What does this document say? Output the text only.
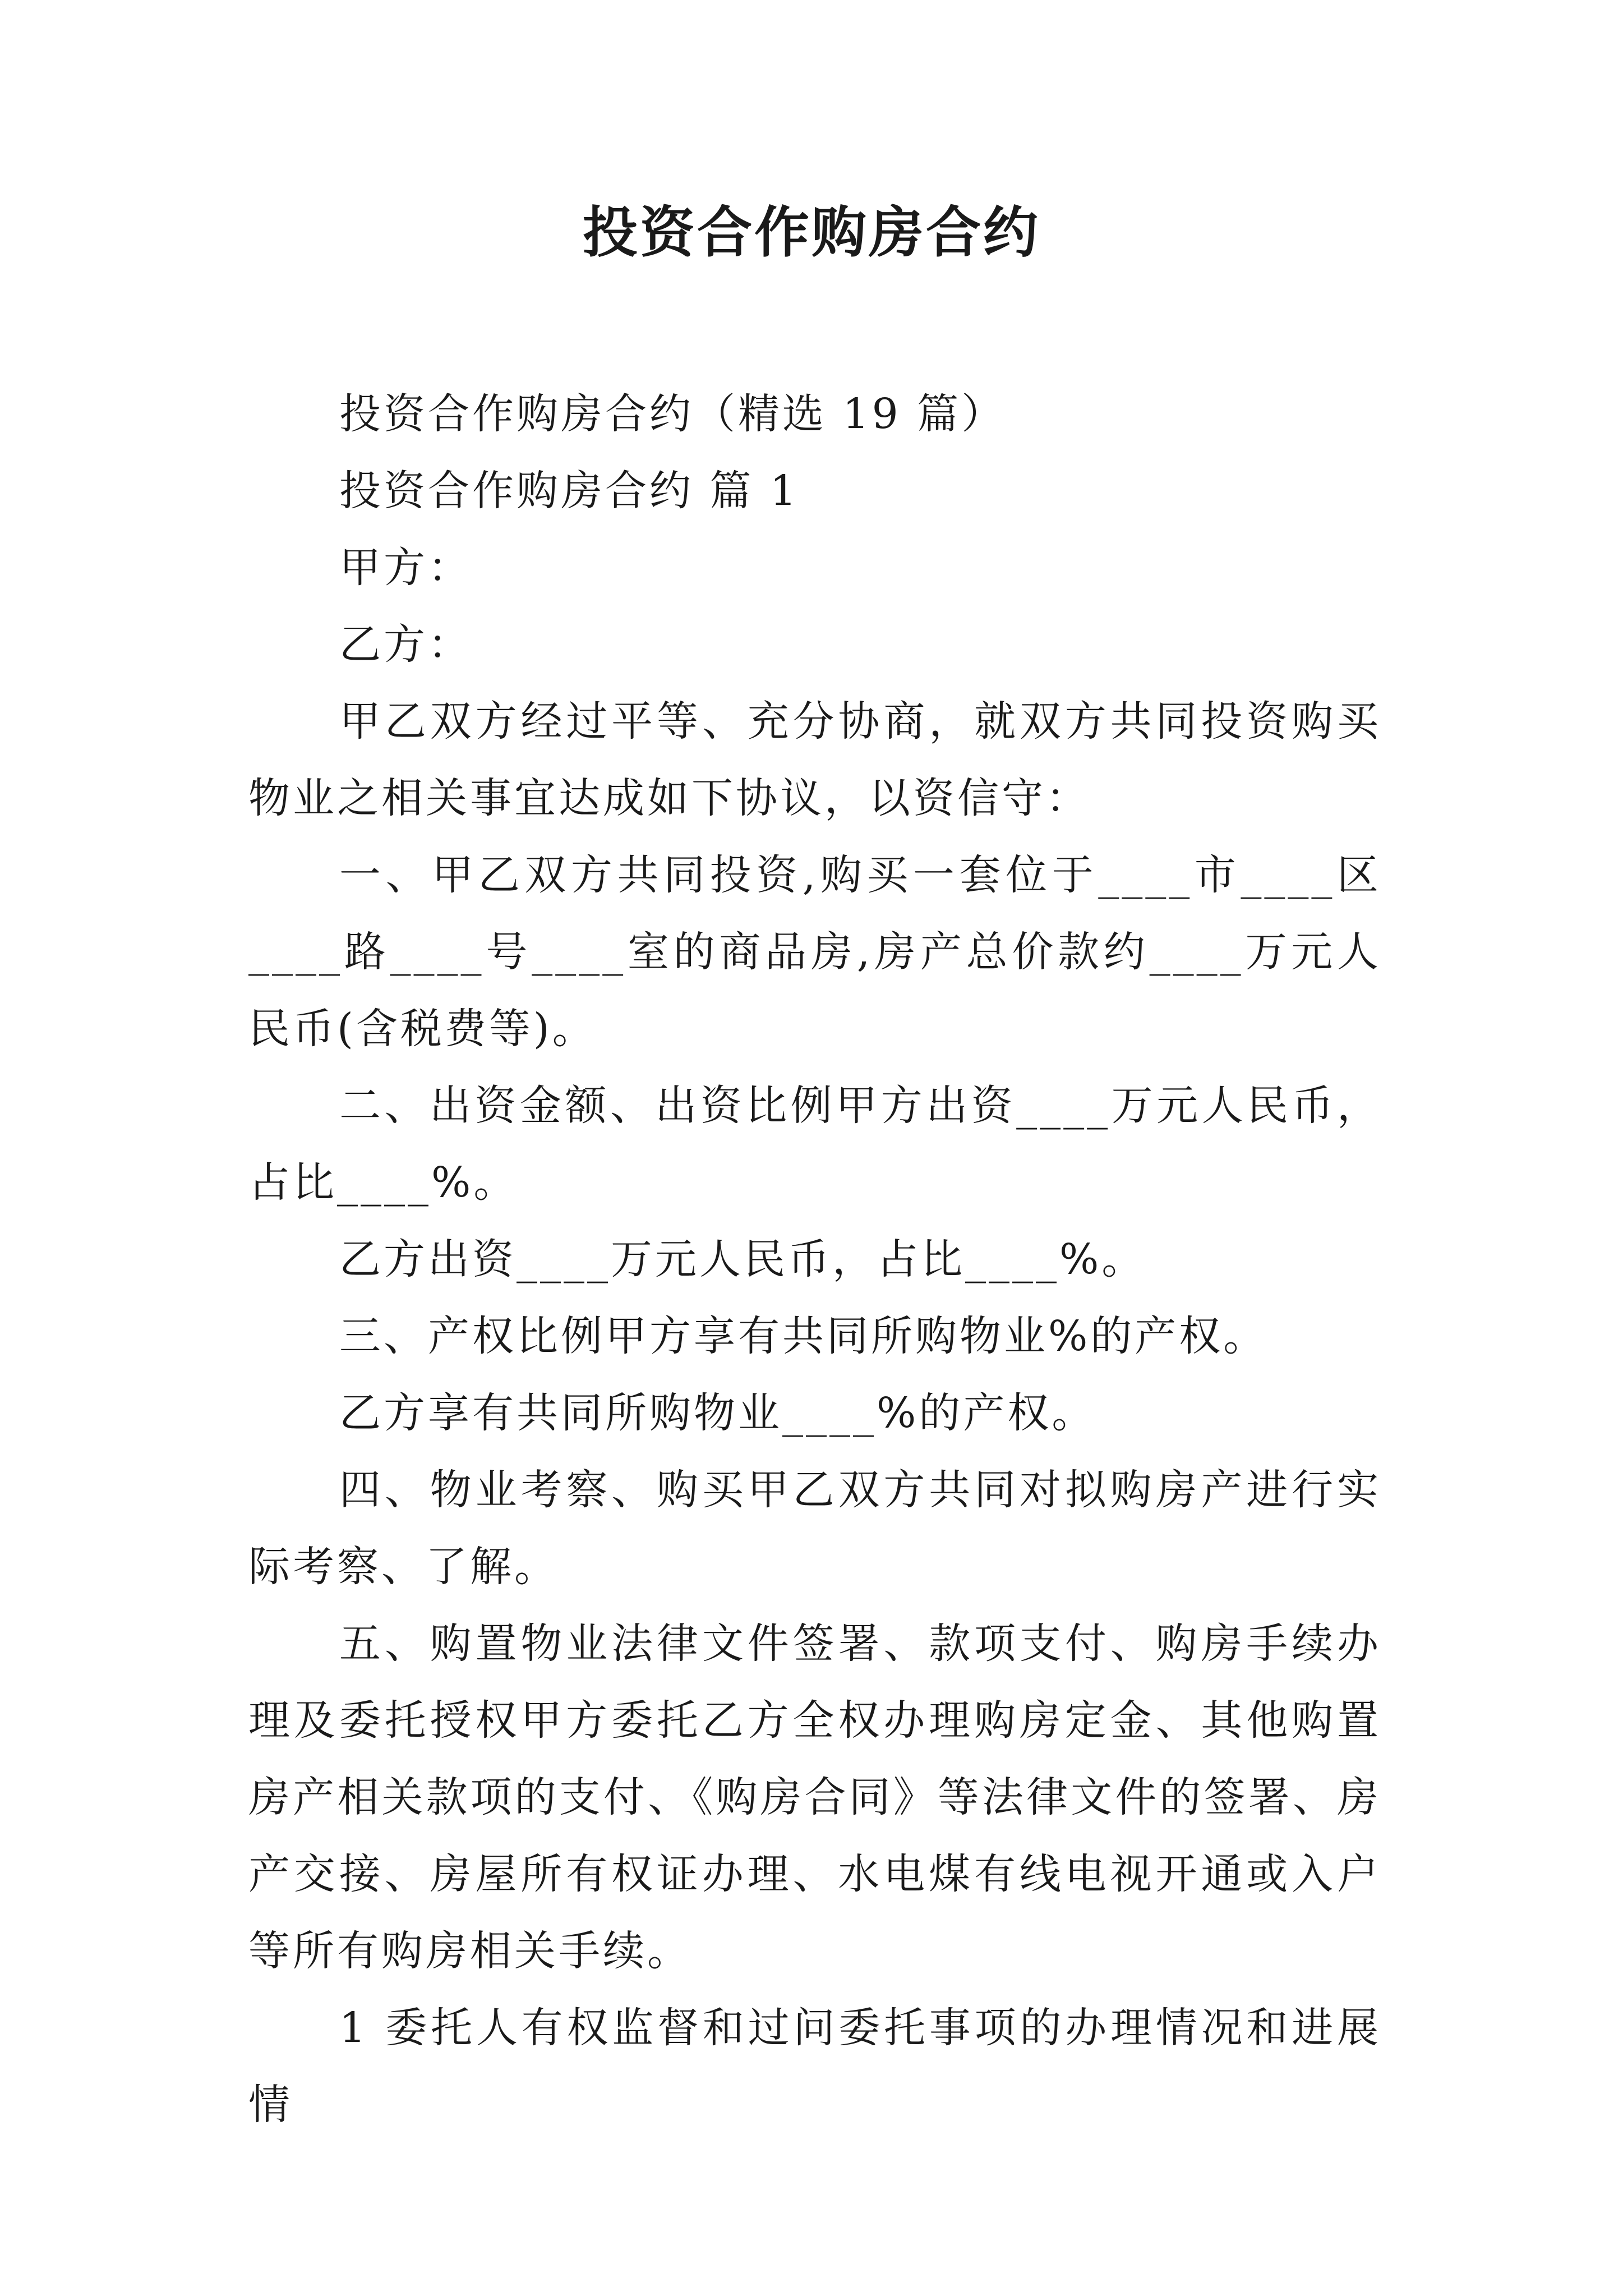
投资合作购房合约

投资合作购房合约（精选 19 篇）

投资合作购房合约 篇 1

甲方：

乙方：

甲乙双方经过平等、充分协商，就双方共同投资购买物业之相关事宜达成如下协议，以资信守：

一、甲乙双方共同投资,购买一套位于____市____区____路____号____室的商品房,房产总价款约____万元人民币(含税费等)。

二、出资金额、出资比例甲方出资____万元人民币，占比____%。

乙方出资____万元人民币，占比____%。

三、产权比例甲方享有共同所购物业%的产权。

乙方享有共同所购物业____%的产权。

四、物业考察、购买甲乙双方共同对拟购房产进行实际考察、了解。

五、购置物业法律文件签署、款项支付、购房手续办理及委托授权甲方委托乙方全权办理购房定金、其他购置房产相关款项的支付、《购房合同》等法律文件的签署、房产交接、房屋所有权证办理、水电煤有线电视开通或入户等所有购房相关手续。

1 委托人有权监督和过问委托事项的办理情况和进展情
